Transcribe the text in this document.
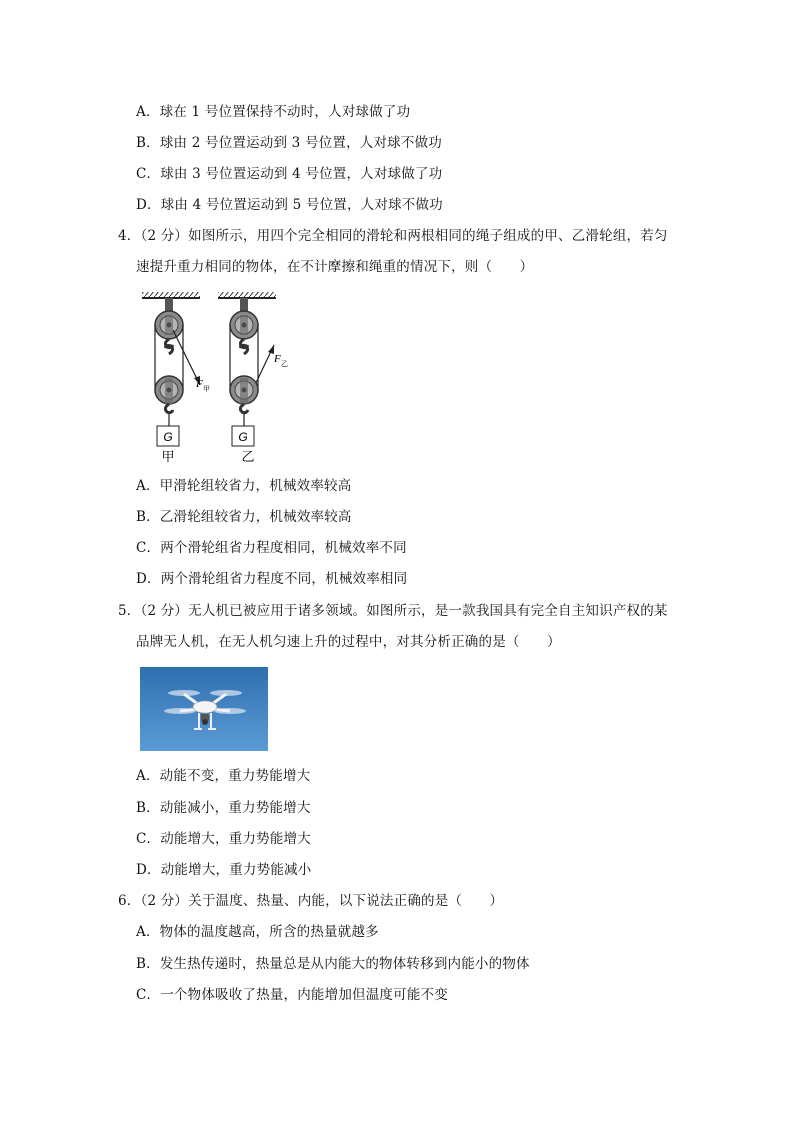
A．球在 1 号位置保持不动时，人对球做了功
B．球由 2 号位置运动到 3 号位置，人对球不做功
C．球由 3 号位置运动到 4 号位置，人对球做了功
D．球由 4 号位置运动到 5 号位置，人对球不做功
4．（2 分）如图所示，用四个完全相同的滑轮和两根相同的绳子组成的甲、乙滑轮组，若匀
速提升重力相同的物体，在不计摩擦和绳重的情况下，则（　　）
G
甲
F 甲
G
乙
F 乙
A．甲滑轮组较省力，机械效率较高
B．乙滑轮组较省力，机械效率较高
C．两个滑轮组省力程度相同，机械效率不同
D．两个滑轮组省力程度不同，机械效率相同
5．（2 分）无人机已被应用于诸多领域。如图所示，是一款我国具有完全自主知识产权的某
品牌无人机，在无人机匀速上升的过程中，对其分析正确的是（　　）
A．动能不变，重力势能增大
B．动能减小，重力势能增大
C．动能增大，重力势能增大
D．动能增大，重力势能减小
6．（2 分）关于温度、热量、内能，以下说法正确的是（　　）
A．物体的温度越高，所含的热量就越多
B．发生热传递时，热量总是从内能大的物体转移到内能小的物体
C．一个物体吸收了热量，内能增加但温度可能不变
